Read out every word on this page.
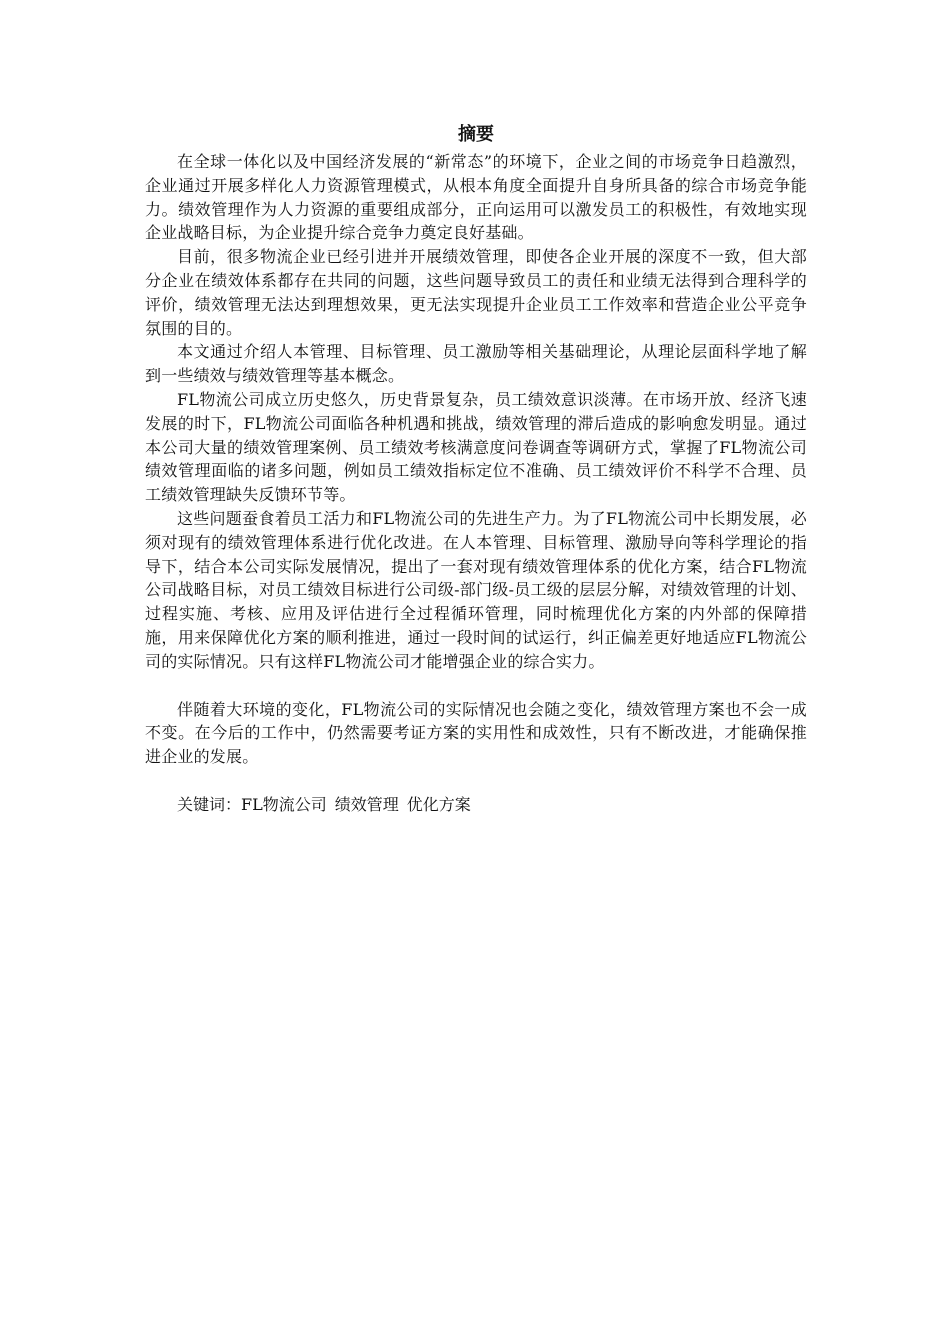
摘要

在全球一体化以及中国经济发展的“新常态”的环境下，企业之间的市场竞争日趋激烈，企业通过开展多样化人力资源管理模式，从根本角度全面提升自身所具备的综合市场竞争能力。绩效管理作为人力资源的重要组成部分，正向运用可以激发员工的积极性，有效地实现企业战略目标，为企业提升综合竞争力奠定良好基础。

目前，很多物流企业已经引进并开展绩效管理，即使各企业开展的深度不一致，但大部分企业在绩效体系都存在共同的问题，这些问题导致员工的责任和业绩无法得到合理科学的评价，绩效管理无法达到理想效果，更无法实现提升企业员工工作效率和营造企业公平竞争氛围的目的。

本文通过介绍人本管理、目标管理、员工激励等相关基础理论，从理论层面科学地了解到一些绩效与绩效管理等基本概念。

FL物流公司成立历史悠久，历史背景复杂，员工绩效意识淡薄。在市场开放、经济飞速发展的时下，FL物流公司面临各种机遇和挑战，绩效管理的滞后造成的影响愈发明显。通过本公司大量的绩效管理案例、员工绩效考核满意度问卷调查等调研方式，掌握了FL物流公司绩效管理面临的诸多问题，例如员工绩效指标定位不准确、员工绩效评价不科学不合理、员工绩效管理缺失反馈环节等。

这些问题蚕食着员工活力和FL物流公司的先进生产力。为了FL物流公司中长期发展，必须对现有的绩效管理体系进行优化改进。在人本管理、目标管理、激励导向等科学理论的指导下，结合本公司实际发展情况，提出了一套对现有绩效管理体系的优化方案，结合FL物流公司战略目标，对员工绩效目标进行公司级-部门级-员工级的层层分解，对绩效管理的计划、过程实施、考核、应用及评估进行全过程循环管理，同时梳理优化方案的内外部的保障措施，用来保障优化方案的顺利推进，通过一段时间的试运行，纠正偏差更好地适应FL物流公司的实际情况。只有这样FL物流公司才能增强企业的综合实力。

伴随着大环境的变化，FL物流公司的实际情况也会随之变化，绩效管理方案也不会一成不变。在今后的工作中，仍然需要考证方案的实用性和成效性，只有不断改进，才能确保推进企业的发展。

关键词：FL物流公司 绩效管理 优化方案
